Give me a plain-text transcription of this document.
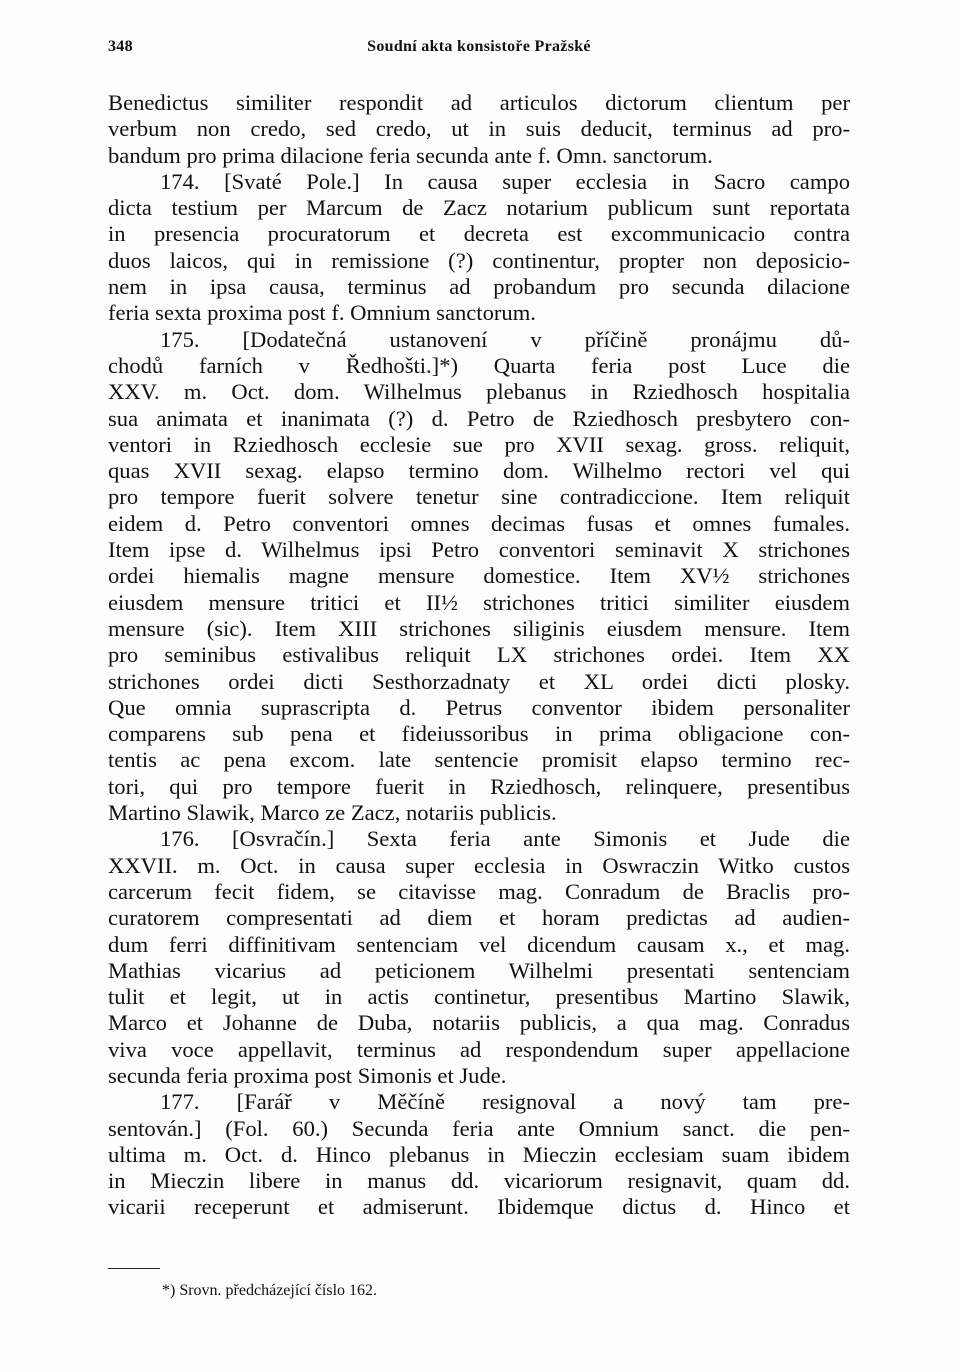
348	Soudní akta konsistoře Pražské
Benedictus similiter respondit ad articulos dictorum clientum per
verbum non credo, sed credo, ut in suis deducit, terminus ad pro-
bandum pro prima dilacione feria secunda ante f. Omn. sanctorum.
174. [Svaté Pole.] In causa super ecclesia in Sacro campo
dicta testium per Marcum de Zacz notarium publicum sunt reportata
in presencia procuratorum et decreta est excommunicacio contra
duos laicos, qui in remissione (?) continentur, propter non deposicio-
nem in ipsa causa, terminus ad probandum pro secunda dilacione
feria sexta proxima post f. Omnium sanctorum.
175. [Dodatečná ustanovení v příčině pronájmu dů-
chodů farních v Ředhošti.]*) Quarta feria post Luce die
XXV. m. Oct. dom. Wilhelmus plebanus in Rziedhosch hospitalia
sua animata et inanimata (?) d. Petro de Rziedhosch presbytero con-
ventori in Rziedhosch ecclesie sue pro XVII sexag. gross. reliquit,
quas XVII sexag. elapso termino dom. Wilhelmo rectori vel qui
pro tempore fuerit solvere tenetur sine contradiccione. Item reliquit
eidem d. Petro conventori omnes decimas fusas et omnes fumales.
Item ipse d. Wilhelmus ipsi Petro conventori seminavit X strichones
ordei hiemalis magne mensure domestice. Item XV½ strichones
eiusdem mensure tritici et II½ strichones tritici similiter eiusdem
mensure (sic). Item XIII strichones siliginis eiusdem mensure. Item
pro seminibus estivalibus reliquit LX strichones ordei. Item XX
strichones ordei dicti Sesthorzadnaty et XL ordei dicti plosky.
Que omnia suprascripta d. Petrus conventor ibidem personaliter
comparens sub pena et fideiussoribus in prima obligacione con-
tentis ac pena excom. late sentencie promisit elapso termino rec-
tori, qui pro tempore fuerit in Rziedhosch, relinquere, presentibus
Martino Slawik, Marco ze Zacz, notariis publicis.
176. [Osvračín.] Sexta feria ante Simonis et Jude die
XXVII. m. Oct. in causa super ecclesia in Oswraczin Witko custos
carcerum fecit fidem, se citavisse mag. Conradum de Braclis pro-
curatorem compresentati ad diem et horam predictas ad audien-
dum ferri diffinitivam sentenciam vel dicendum causam x., et mag.
Mathias vicarius ad peticionem Wilhelmi presentati sentenciam
tulit et legit, ut in actis continetur, presentibus Martino Slawik,
Marco et Johanne de Duba, notariis publicis, a qua mag. Conradus
viva voce appellavit, terminus ad respondendum super appellacione
secunda feria proxima post Simonis et Jude.
177. [Farář v Měčíně resignoval a nový tam pre-
sentován.] (Fol. 60.) Secunda feria ante Omnium sanct. die pen-
ultima m. Oct. d. Hinco plebanus in Mieczin ecclesiam suam ibidem
in Mieczin libere in manus dd. vicariorum resignavit, quam dd.
vicarii receperunt et admiserunt. Ibidemque dictus d. Hinco et
*) Srovn. předcházející číslo 162.
